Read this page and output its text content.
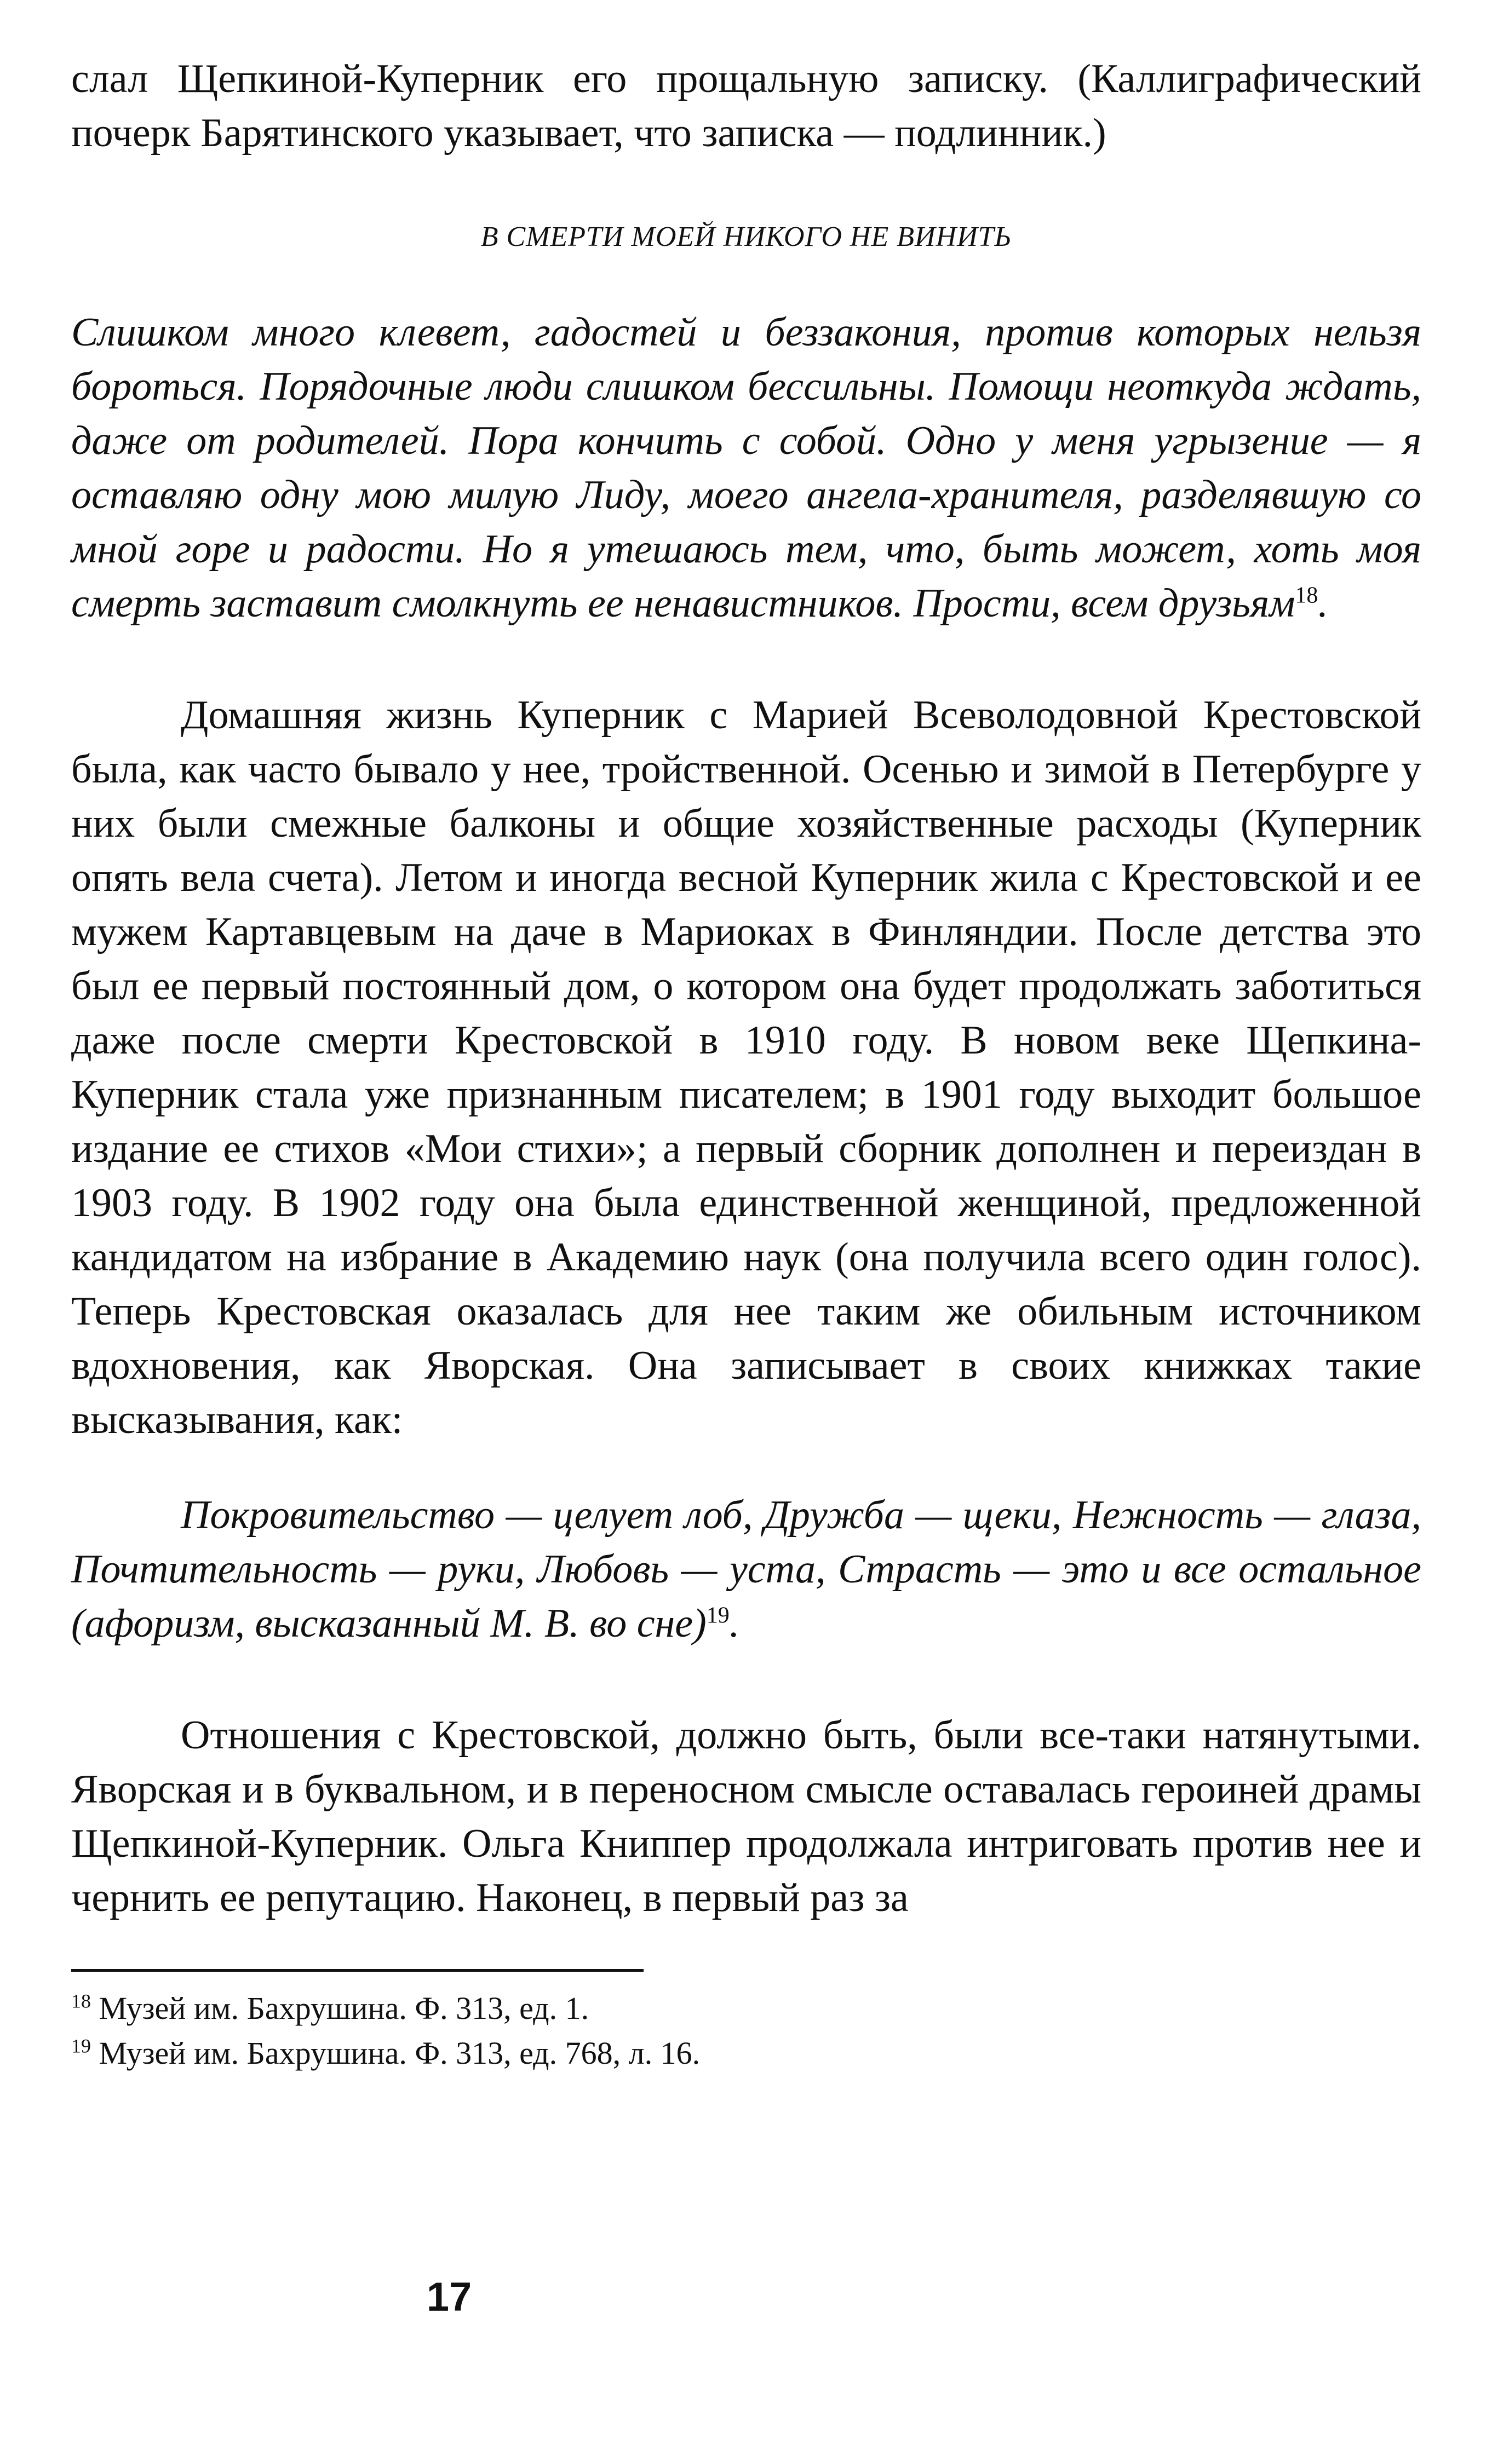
слал Щепкиной-Куперник его прощальную записку. (Каллиграфический почерк Барятинского указывает, что записка — подлинник.)

В СМЕРТИ МОЕЙ НИКОГО НЕ ВИНИТЬ

Слишком много клевет, гадостей и беззакония, против которых нельзя бороться. Порядочные люди слишком бессильны. Помощи неоткуда ждать, даже от родителей. Пора кончить с собой. Одно у меня угрызение — я оставляю одну мою милую Лиду, моего ангела-хранителя, разделявшую со мной горе и радости. Но я утешаюсь тем, что, быть может, хоть моя смерть заставит смолкнуть ее ненавистников. Прости, всем друзьям$^{18}$.

Домашняя жизнь Куперник с Марией Всеволодовной Крестовской была, как часто бывало у нее, тройственной. Осенью и зимой в Петербурге у них были смежные балконы и общие хозяйственные расходы (Куперник опять вела счета). Летом и иногда весной Куперник жила с Крестовской и ее мужем Картавцевым на даче в Мариоках в Финляндии. После детства это был ее первый постоянный дом, о котором она будет продолжать заботиться даже после смерти Крестовской в 1910 году. В новом веке Щепкина-Куперник стала уже признанным писателем; в 1901 году выходит большое издание ее стихов «Мои стихи»; а первый сборник дополнен и переиздан в 1903 году. В 1902 году она была единственной женщиной, предложенной кандидатом на избрание в Академию наук (она получила всего один голос). Теперь Крестовская оказалась для нее таким же обильным источником вдохновения, как Яворская. Она записывает в своих книжках такие высказывания, как:

Покровительство — целует лоб, Дружба — щеки, Нежность — глаза, Почтительность — руки, Любовь — уста, Страсть — это и все остальное (афоризм, высказанный М. В. во сне)$^{19}$.

Отношения с Крестовской, должно быть, были все-таки натянутыми. Яворская и в буквальном, и в переносном смысле оставалась героиней драмы Щепкиной-Куперник. Ольга Книппер продолжала интриговать против нее и чернить ее репутацию. Наконец, в первый раз за

$^{18}$ Музей им. Бахрушина. Ф. 313, ед. 1.

$^{19}$ Музей им. Бахрушина. Ф. 313, ед. 768, л. 16.

17
